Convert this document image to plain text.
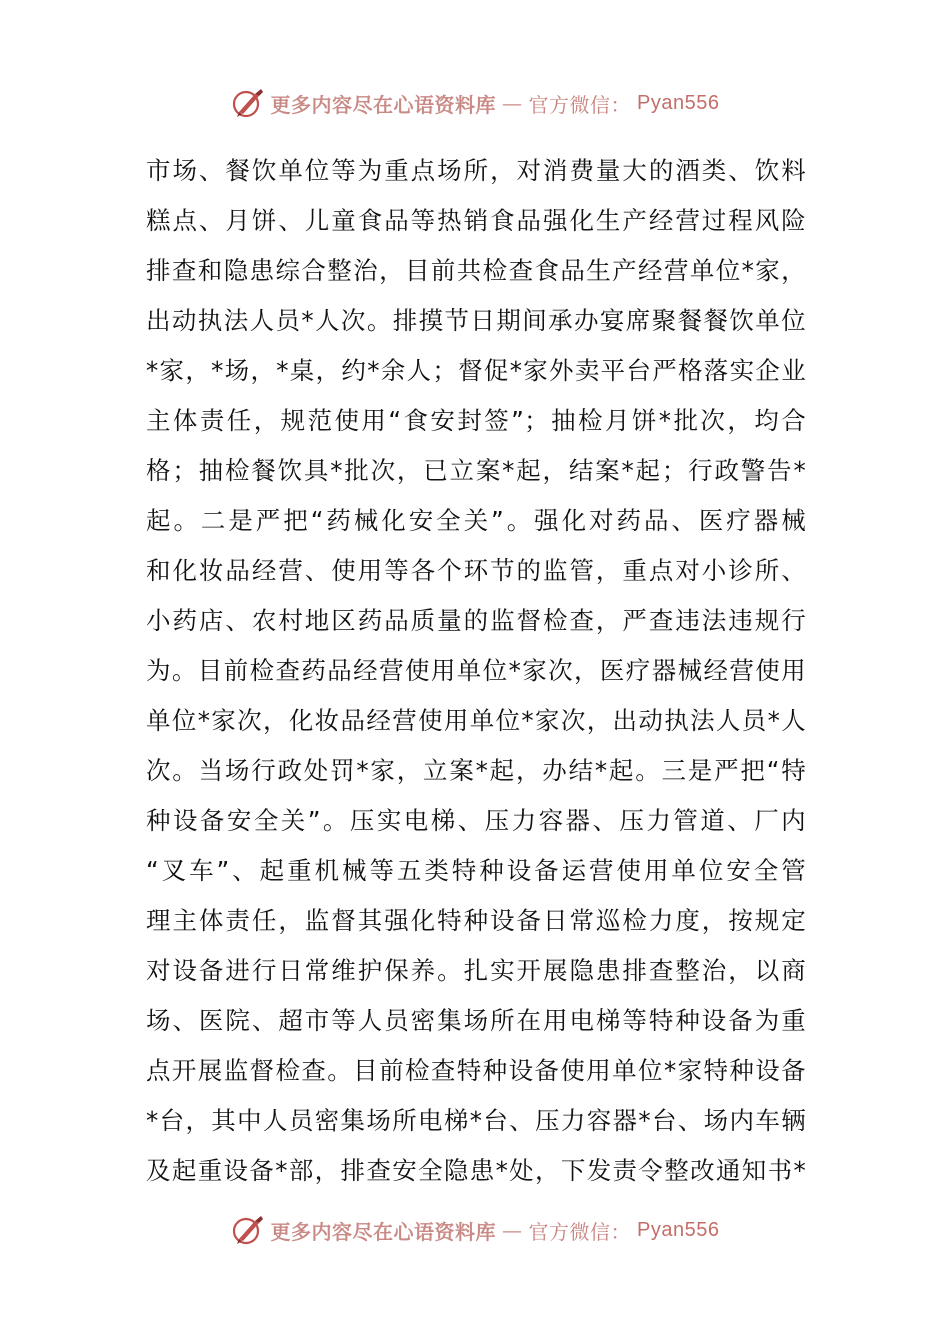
更多内容尽在心语资料库 — 官方微信： Pyan556
市场、餐饮单位等为重点场所，对消费量大的酒类、饮料
糕点、月饼、儿童食品等热销食品强化生产经营过程风险
排查和隐患综合整治，目前共检查食品生产经营单位*家，
出动执法人员*人次。排摸节日期间承办宴席聚餐餐饮单位
*家，*场，*桌，约*余人；督促*家外卖平台严格落实企业
主体责任，规范使用“食安封签”；抽检月饼*批次，均合
格；抽检餐饮具*批次，已立案*起，结案*起；行政警告*
起。二是严把“药械化安全关”。强化对药品、医疗器械
和化妆品经营、使用等各个环节的监管，重点对小诊所、
小药店、农村地区药品质量的监督检查，严查违法违规行
为。目前检查药品经营使用单位*家次，医疗器械经营使用
单位*家次，化妆品经营使用单位*家次，出动执法人员*人
次。当场行政处罚*家，立案*起，办结*起。三是严把“特
种设备安全关”。压实电梯、压力容器、压力管道、厂内
“叉车”、起重机械等五类特种设备运营使用单位安全管
理主体责任，监督其强化特种设备日常巡检力度，按规定
对设备进行日常维护保养。扎实开展隐患排查整治，以商
场、医院、超市等人员密集场所在用电梯等特种设备为重
点开展监督检查。目前检查特种设备使用单位*家特种设备
*台，其中人员密集场所电梯*台、压力容器*台、场内车辆
及起重设备*部，排查安全隐患*处，下发责令整改通知书*
更多内容尽在心语资料库 — 官方微信： Pyan556
